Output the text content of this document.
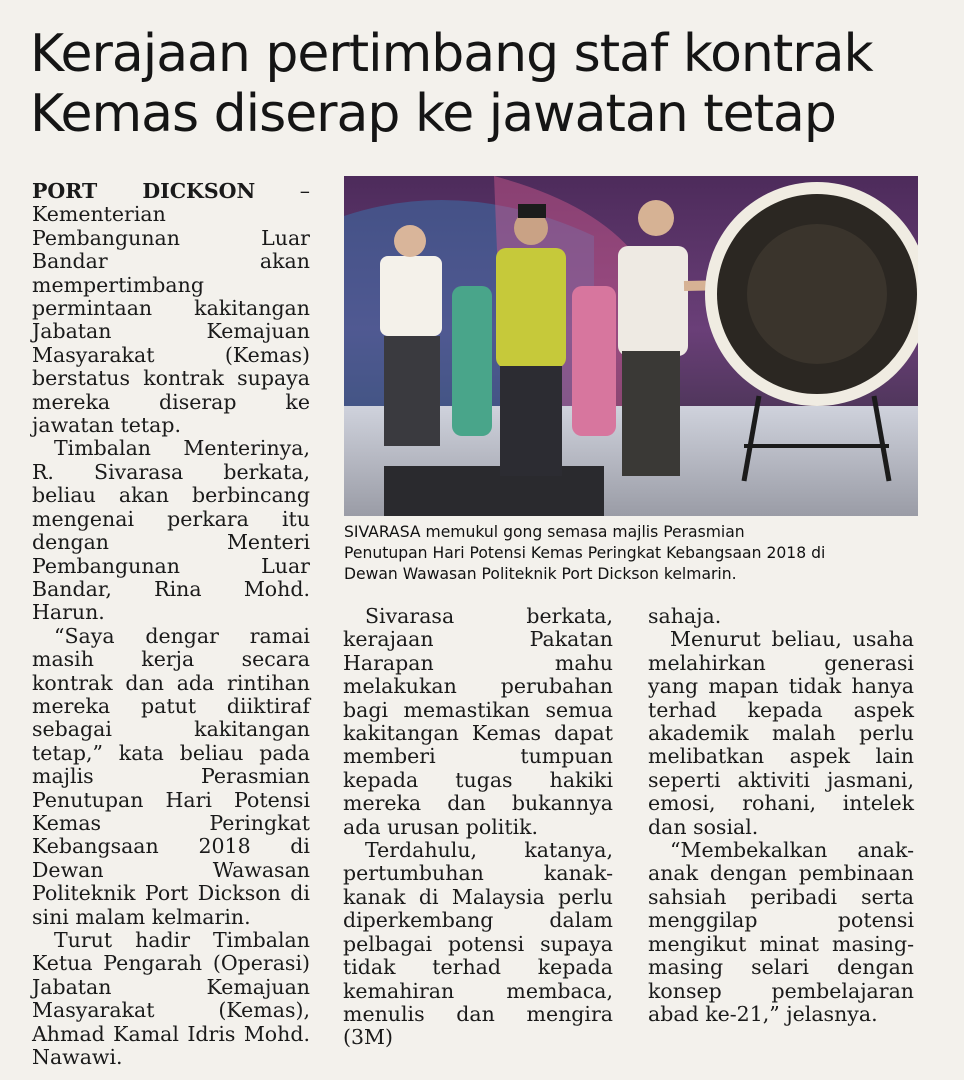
Kerajaan pertimbang staf kontrak
Kemas diserap ke jawatan tetap

PORT DICKSON – Kementerian Pembangunan Luar Bandar akan mempertimbang permintaan kakitangan Jabatan Kemajuan Masyarakat (Kemas) berstatus kontrak supaya mereka diserap ke jawatan tetap.

Timbalan Menterinya, R. Sivarasa berkata, beliau akan berbincang mengenai perkara itu dengan Menteri Pembangunan Luar Bandar, Rina Mohd. Harun.

“Saya dengar ramai masih kerja secara kontrak dan ada rintihan mereka patut diiktiraf sebagai kakitangan tetap,” kata beliau pada majlis Perasmian Penutupan Hari Potensi Kemas Peringkat Kebangsaan 2018 di Dewan Wawasan Politeknik Port Dickson di sini malam kelmarin.

Turut hadir Timbalan Ketua Pengarah (Operasi) Jabatan Kemajuan Masyarakat (Kemas), Ahmad Kamal Idris Mohd. Nawawi.

SIVARASA memukul gong semasa majlis Perasmian
Penutupan Hari Potensi Kemas Peringkat Kebangsaan 2018 di
Dewan Wawasan Politeknik Port Dickson kelmarin.

Sivarasa berkata, kerajaan Pakatan Harapan mahu melakukan perubahan bagi memastikan semua kakitangan Kemas dapat memberi tumpuan kepada tugas hakiki mereka dan bukannya ada urusan politik.

Terdahulu, katanya, pertumbuhan kanak-kanak di Malaysia perlu diperkembang dalam pelbagai potensi supaya tidak terhad kepada kemahiran membaca, menulis dan mengira (3M)

sahaja.

Menurut beliau, usaha melahirkan generasi yang mapan tidak hanya terhad kepada aspek akademik malah perlu melibatkan aspek lain seperti aktiviti jasmani, emosi, rohani, intelek dan sosial.

“Membekalkan anak-anak dengan pembinaan sahsiah peribadi serta menggilap potensi mengikut minat masing-masing selari dengan konsep pembelajaran abad ke-21,” jelasnya.
